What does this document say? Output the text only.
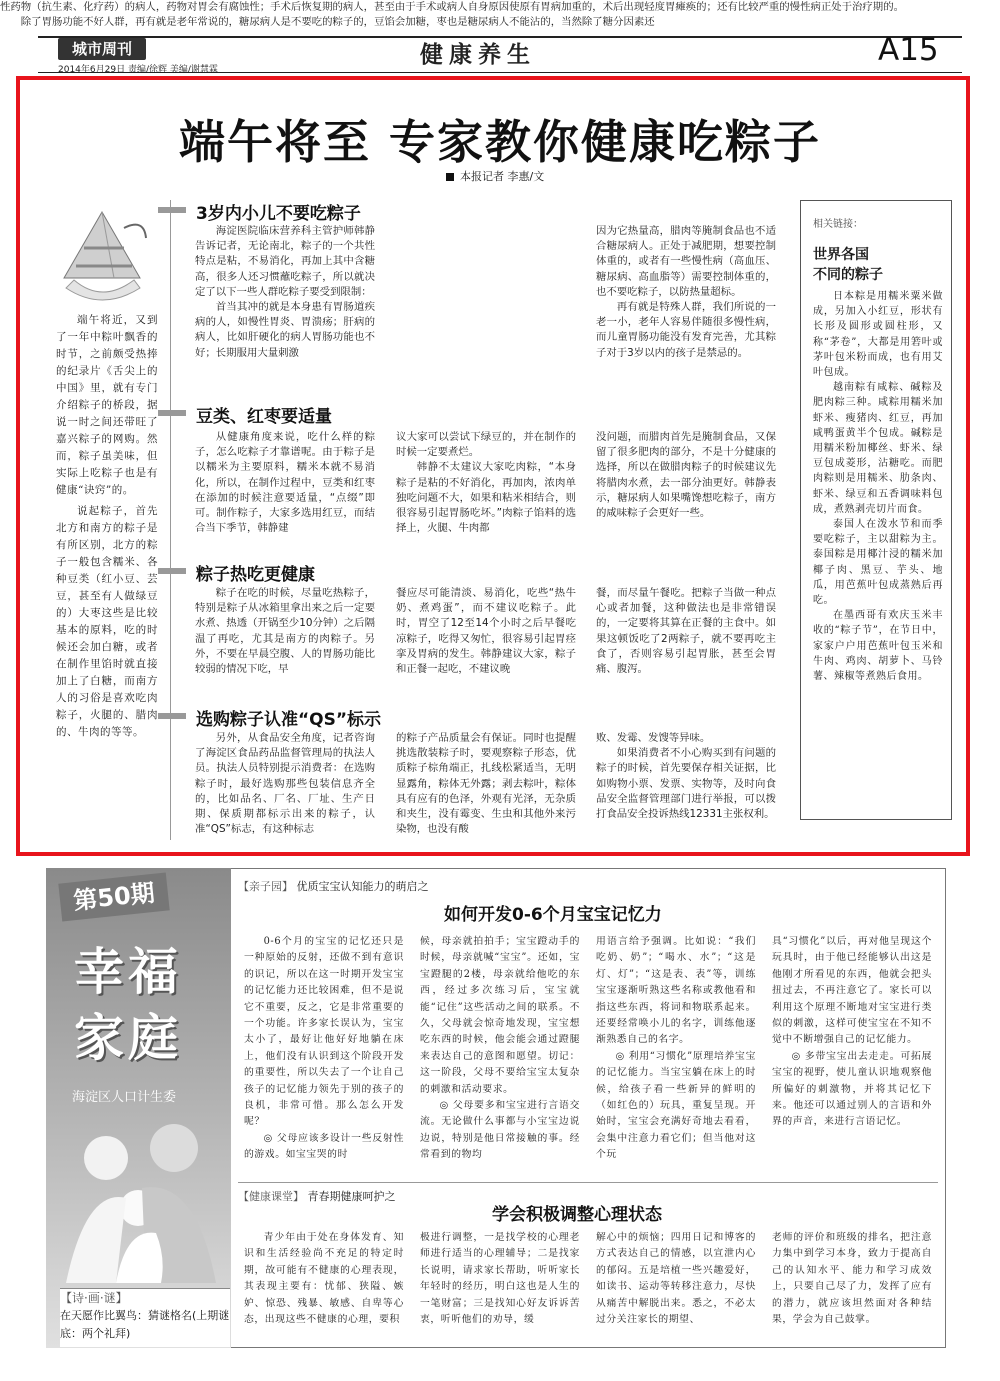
城市周刊
2014年6月29日 责编/徐辉 美编/谢慧霖
健康养生	A15
端午将至 专家教你健康吃粽子
本报记者 李惠/文

端午将近，又到了一年中粽叶飘香的时节，之前颇受热捧的纪录片《舌尖上的中国》里，就有专门介绍粽子的桥段，据说一时之间还带旺了嘉兴粽子的网购。然而，粽子虽美味，但实际上吃粽子也是有健康“诀窍”的。

说起粽子，首先北方和南方的粽子是有所区别，北方的粽子一般包含糯米、各种豆类（红小豆、芸豆，甚至有人做绿豆的）大枣这些是比较基本的原料，吃的时候还会加白糖，或者在制作里馅时就直接加上了白糖，而南方人的习俗是喜欢吃肉粽子，火腿的、腊肉的、牛肉的等等。

3岁内小儿不要吃粽子

海淀医院临床营养科主管护师韩静告诉记者，无论南北，粽子的一个共性特点是粘，不易消化，再加上其中含糖高，很多人还习惯蘸吃粽子，所以就决定了以下一些人群吃粽子要受到限制：

首当其冲的就是本身患有胃肠道疾病的人，如慢性胃炎、胃溃疡；肝病的病人，比如肝硬化的病人胃肠功能也不好；长期服用大量刺激

性药物（抗生素、化疗药）的病人，药物对胃会有腐蚀性；手术后恢复期的病人，甚至由于手术或病人自身原因使原有胃病加重的，术后出现轻度胃瘫痪的；还有比较严重的慢性病正处于治疗期的。

除了胃肠功能不好人群，再有就是老年常说的，糖尿病人是不要吃的粽子的，豆馅会加糖，枣也是糖尿病人不能沾的，当然除了糖分因素还

因为它热量高，腊肉等腌制食品也不适合糖尿病人。正处于减肥期，想要控制体重的，或者有一些慢性病（高血压、糖尿病、高血脂等）需要控制体重的，也不要吃粽子，以防热量超标。

再有就是特殊人群，我们所说的一老一小，老年人容易伴随很多慢性病，而儿童胃肠功能没有发育完善，尤其粽子对于3岁以内的孩子是禁忌的。

豆类、红枣要适量

从健康角度来说，吃什么样的粽子，怎么吃粽子才靠谱呢。由于粽子是以糯米为主要原料，糯米本就不易消化，所以，在制作过程中，豆类和红枣在添加的时候注意要适量，“点缀”即可。制作粽子，大家多选用红豆，而结合当下季节，韩静建

议大家可以尝试下绿豆的，并在制作的时候一定要煮烂。

韩静不太建议大家吃肉粽，“本身粽子是粘的不好消化，再加肉，浓肉单独吃问题不大，如果和粘米相结合，则很容易引起胃肠吃坏。”肉粽子馅料的选择上，火腿、牛肉都

没问题，而腊肉首先是腌制食品，又保留了很多肥肉的部分，不是十分健康的选择，所以在做腊肉粽子的时候建议先将腊肉水煮，去一部分油更好。韩静表示，糖尿病人如果嘴馋想吃粽子，南方的咸味粽子会更好一些。

粽子热吃更健康

粽子在吃的时候，尽量吃热粽子，特别是粽子从冰箱里拿出来之后一定要水煮、热透（开锅至少10分钟）之后隔温了再吃，尤其是南方的肉粽子。另外，不要在早晨空腹、人的胃肠功能比较弱的情况下吃，早

餐应尽可能清淡、易消化，吃些“热牛奶、煮鸡蛋”，而不建议吃粽子。此时，胃空了12至14个小时之后早餐吃凉粽子，吃得又匆忙，很容易引起胃痉挛及胃病的发生。韩静建议大家，粽子和正餐一起吃，不建议晚

餐，而尽量午餐吃。把粽子当做一种点心或者加餐，这种做法也是非常错误的，一定要将其算在正餐的主食中。如果这顿饭吃了2两粽子，就不要再吃主食了，否则容易引起胃胀，甚至会胃痛、腹泻。

选购粽子认准“QS”标示

另外，从食品安全角度，记者咨询了海淀区食品药品监督管理局的执法人员。执法人员特别提示消费者：在选购粽子时，最好选购那些包装信息齐全的，比如品名、厂名、厂址、生产日期、保质期都标示出来的粽子，认准“QS”标志，有这种标志

的粽子产品质量会有保证。同时也提醒挑选散装粽子时，要观察粽子形态，优质粽子棕角端正，扎线松紧适当，无明显露角，粽体无外露；剥去粽叶，粽体具有应有的色泽，外观有光泽，无杂质和夹生，没有霉变、生虫和其他外来污染物，也没有酸

败、发霉、发馊等异味。

如果消费者不小心购买到有问题的粽子的时候，首先要保存相关证据，比如购物小票、发票、实物等，及时向食品安全监督管理部门进行举报，可以拨打食品安全投诉热线12331主张权利。

相关链接：
世界各国
不同的粽子

日本粽是用糯米粟米做成，另加入小红豆，形状有长形及圆形或圆柱形，又称“茅卷”，大都是用箬叶或茅叶包米粉而成，也有用艾叶包成。

越南粽有咸粽、碱粽及肥肉粽三种。咸粽用糯米加虾米、瘦猪肉、红豆，再加咸鸭蛋黄半个包成。碱粽是用糯米粉加椰丝、虾米、绿豆包成菱形，沾糖吃。而肥肉粽则是用糯米、肋条肉、虾米、绿豆和五香调味料包成，煮熟剥壳切片而食。

泰国人在泼水节和而季要吃粽子，主以甜粽为主。泰国粽是用椰汁浸的糯米加椰子肉、黑豆、芋头、地瓜，用芭蕉叶包成蒸熟后再吃。

在墨西哥有欢庆玉米丰收的“粽子节”，在节日中，家家户户用芭蕉叶包玉米和牛肉、鸡肉、胡萝卜、马铃薯、辣椒等煮熟后食用。

第50期
幸福
家庭
海淀区人口计生委
【诗·画·谜】
在天愿作比翼鸟：猜谜格名(上期谜底：两个礼拜)
【亲子园】 优质宝宝认知能力的萌启之
如何开发0-6个月宝宝记忆力

0-6个月的宝宝的记忆还只是一种原始的反射，还做不到有意识的识记，所以在这一时期开发宝宝的记忆能力还比较困难，但不是说它不重要，反之，它是非常重要的一个功能。许多家长误认为，宝宝太小了，最好让他好好地躺在床上，他们没有认识到这个阶段开发的重要性，所以失去了一个让自己孩子的记忆能力领先于别的孩子的良机，非常可惜。那么怎么开发呢？

◎ 父母应该多设计一些反射性的游戏。如宝宝哭的时

候，母亲就拍拍手；宝宝蹬动手的时候，母亲就喊“宝宝”。还如，宝宝蹬腿的2楼，母亲就给他吃的东西，经过多次练习后，宝宝就能“记住”这些活动之间的联系。不久，父母就会惊奇地发现，宝宝想吃东西的时候，他会能会通过蹬腿来表达自己的意图和愿望。切记：这一阶段，父母不要给宝宝太复杂的刺激和活动要求。

◎ 父母要多和宝宝进行言语交流。无论做什么事都与小宝宝边说边说，特别是他日常接触的事。经常看到的物均

用语言给予强调。比如说：“我们吃奶、奶”；“喝水、水”；“这是灯、灯”；“这是表、表”等，训练宝宝逐渐听熟这些名称或教他看和指这些东西，将词和物联系起来。还要经常唤小儿的名字，训练他逐渐熟悉自己的名字。

◎ 利用“习惯化”原理培养宝宝的记忆能力。当宝宝躺在床上的时候，给孩子看一些新异的鲜明的（如红色的）玩具，重复呈现。开始时，宝宝会充满好奇地去看看，会集中注意力看它们；但当他对这个玩

具“习惯化”以后，再对他呈现这个玩具时，由于他已经能够认出这是他刚才所看见的东西，他就会把头扭过去，不再注意它了。家长可以利用这个原理不断地对宝宝进行类似的刺激，这样可使宝宝在不知不觉中不断增强自己的记忆能力。

◎ 多带宝宝出去走走。可拓展宝宝的视野，使儿童认识地观察他所偏好的刺激物，并将其记忆下来。他还可以通过别人的言语和外界的声音，来进行言语记忆。

【健康课堂】 青春期健康呵护之
学会积极调整心理状态

青少年由于处在身体发育、知识和生活经验尚不充足的特定时期，故可能有不健康的心理表现，其表现主要有：忧郁、狭隘、嫉妒、惊恐、残暴、敏感、自卑等心态，出现这些不健康的心理，要积

极进行调整，一是找学校的心理老师进行适当的心理辅导；二是找家长说明，请求家长帮助，听听家长年轻时的经历，明白这也是人生的一笔财富；三是找知心好友诉诉苦衷，听听他们的劝导，缓

解心中的烦恼；四用日记和博客的方式表达自己的情感，以宣泄内心的郁闷。五是培植一些兴趣爱好，如读书、运动等转移注意力，尽快从痛苦中解脱出来。悉之，不必太过分关注家长的期望、

老师的评价和班级的排名，把注意力集中到学习本身，致力于提高自己的认知水平、能力和学习成效上，只要自己尽了力，发挥了应有的潜力，就应该坦然面对各种结果，学会为自己鼓掌。
